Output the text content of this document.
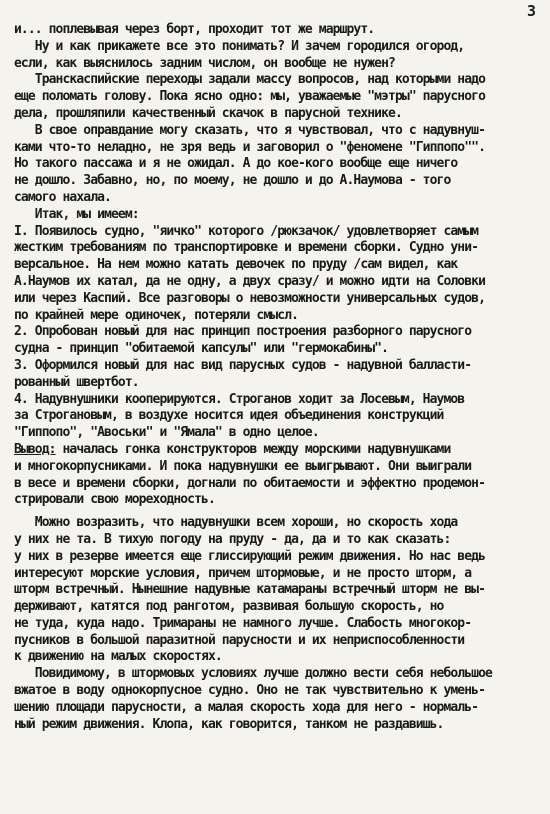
3
и... поплевывая через борт, проходит тот же маршрут.
Ну и как прикажете все это понимать? И зачем городился огород,
если, как выяснилось задним числом, он вообще не нужен?
Транскаспийские переходы задали массу вопросов, над которыми надо
еще поломать голову. Пока ясно одно: мы, уважаемые "мэтры" парусного
дела, прошляпили качественный скачок в парусной технике.
В свое оправдание могу сказать, что я чувствовал, что с надувнуш-
ками что-то неладно, не зря ведь и заговорил о "феномене "Гиппопо"".
Но такого пассажа и я не ожидал. А до кое-кого вообще еще ничего
не дошло. Забавно, но, по моему, не дошло и до А.Наумова - того
самого нахала.
Итак, мы имеем:
I. Появилось судно, "яичко" которого /рюкзачок/ удовлетворяет самым
жестким требованиям по транспортировке и времени сборки. Судно уни-
версальное. На нем можно катать девочек по пруду /сам видел, как
А.Наумов их катал, да не одну, а двух сразу/ и можно идти на Соловки
или через Каспий. Все разговоры о невозможности универсальных судов,
по крайней мере одиночек, потеряли смысл.
2. Опробован новый для нас принцип построения разборного парусного
судна - принцип "обитаемой капсулы" или "гермокабины".
3. Оформился новый для нас вид парусных судов - надувной балласти-
рованный швертбот.
4. Надувнушники кооперируются. Строганов ходит за Лосевым, Наумов
за Строгановым, в воздухе носится идея объединения конструкций
"Гиппопо", "Авоськи" и "Ямала" в одно целое.
Вывод: началась гонка конструкторов между морскими надувнушками
и многокорпусниками. И пока надувнушки ее выигрывают. Они выиграли
в весе и времени сборки, догнали по обитаемости и эффектно продемон-
стрировали свою мореходность.
Можно возразить, что надувнушки всем хороши, но скорость хода
у них не та. В тихую погоду на пруду - да, да и то как сказать:
у них в резерве имеется еще глиссирующий режим движения. Но нас ведь
интересуют морские условия, причем штормовые, и не просто шторм, а
шторм встречный. Нынешние надувные катамараны встречный шторм не вы-
держивают, катятся под ранготом, развивая большую скорость, но
не туда, куда надо. Тримараны не намного лучше. Слабость многокор-
пусников в большой паразитной парусности и их неприспособленности
к движению на малых скоростях.
Повидимому, в штормовых условиях лучше должно вести себя небольшое
вжатое в воду однокорпусное судно. Оно не так чувствительно к умень-
шению площади парусности, а малая скорость хода для него - нормаль-
ный режим движения. Клопа, как говорится, танком не раздавишь.
